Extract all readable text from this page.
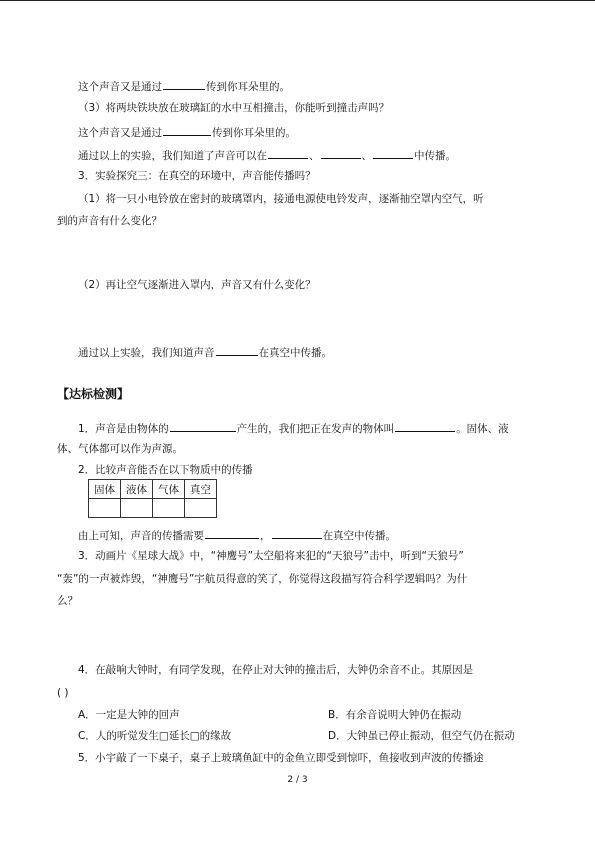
这个声音又是通过	传到你耳朵里的。
（3）将两块铁块放在玻璃缸的水中互相撞击，你能听到撞击声吗？
这个声音又是通过	传到你耳朵里的。
通过以上的实验，我们知道了声音可以在	、	、	中传播。
3．实验探究三：在真空的环境中，声音能传播吗？
（1）将一只小电铃放在密封的玻璃罩内，接通电源使电铃发声，逐渐抽空罩内空气，听
到的声音有什么变化？
（2）再让空气逐渐进入罩内，声音又有什么变化？
通过以上实验，我们知道声音	在真空中传播。
【达标检测】
1．声音是由物体的	产生的，我们把正在发声的物体叫	。固体、液
体、气体都可以作为声源。
2．比较声音能否在以下物质中的传播
固体	液体	气体	真空

由上可知，声音的传播需要	，	在真空中传播。
3．动画片《星球大战》中，“神鹰号”太空船将来犯的“天狼号”击中，听到“天狼号”
“轰”的一声被炸毁，“神鹰号”宇航员得意的笑了，你觉得这段描写符合科学逻辑吗？为什
么？
4．在敲响大钟时，有同学发现，在停止对大钟的撞击后，大钟仍余音不止。其原因是
( )
A．一定是大钟的回声	B．有余音说明大钟仍在振动
C．人的听觉发生□延长□的缘故	D．大钟虽已停止振动，但空气仍在振动
5．小宇敲了一下桌子，桌子上玻璃鱼缸中的金鱼立即受到惊吓，鱼接收到声波的传播途
2 / 3
